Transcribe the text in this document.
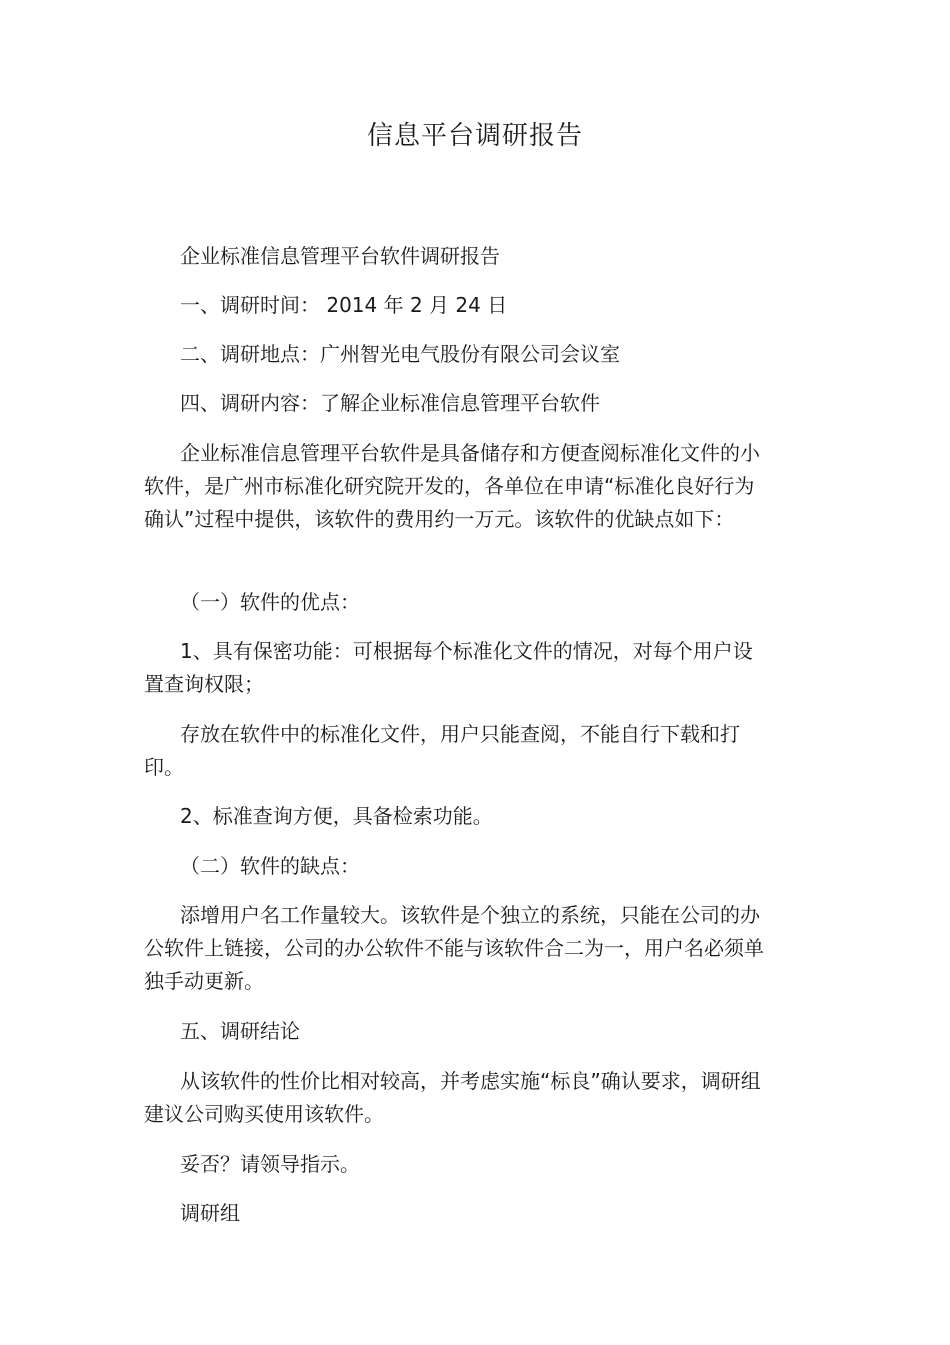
信息平台调研报告

企业标准信息管理平台软件调研报告

一、调研时间： 2014 年 2 月 24 日

二、调研地点：广州智光电气股份有限公司会议室

四、调研内容：了解企业标准信息管理平台软件

企业标准信息管理平台软件是具备储存和方便查阅标准化文件的小软件，是广州市标准化研究院开发的，各单位在申请“标准化良好行为确认”过程中提供，该软件的费用约一万元。该软件的优缺点如下：

（一）软件的优点：

1、具有保密功能：可根据每个标准化文件的情况，对每个用户设置查询权限；

存放在软件中的标准化文件，用户只能查阅，不能自行下载和打印。

2、标准查询方便，具备检索功能。

（二）软件的缺点：

添增用户名工作量较大。该软件是个独立的系统，只能在公司的办公软件上链接，公司的办公软件不能与该软件合二为一，用户名必须单独手动更新。

五、调研结论

从该软件的性价比相对较高，并考虑实施“标良”确认要求，调研组建议公司购买使用该软件。

妥否？请领导指示。

调研组
